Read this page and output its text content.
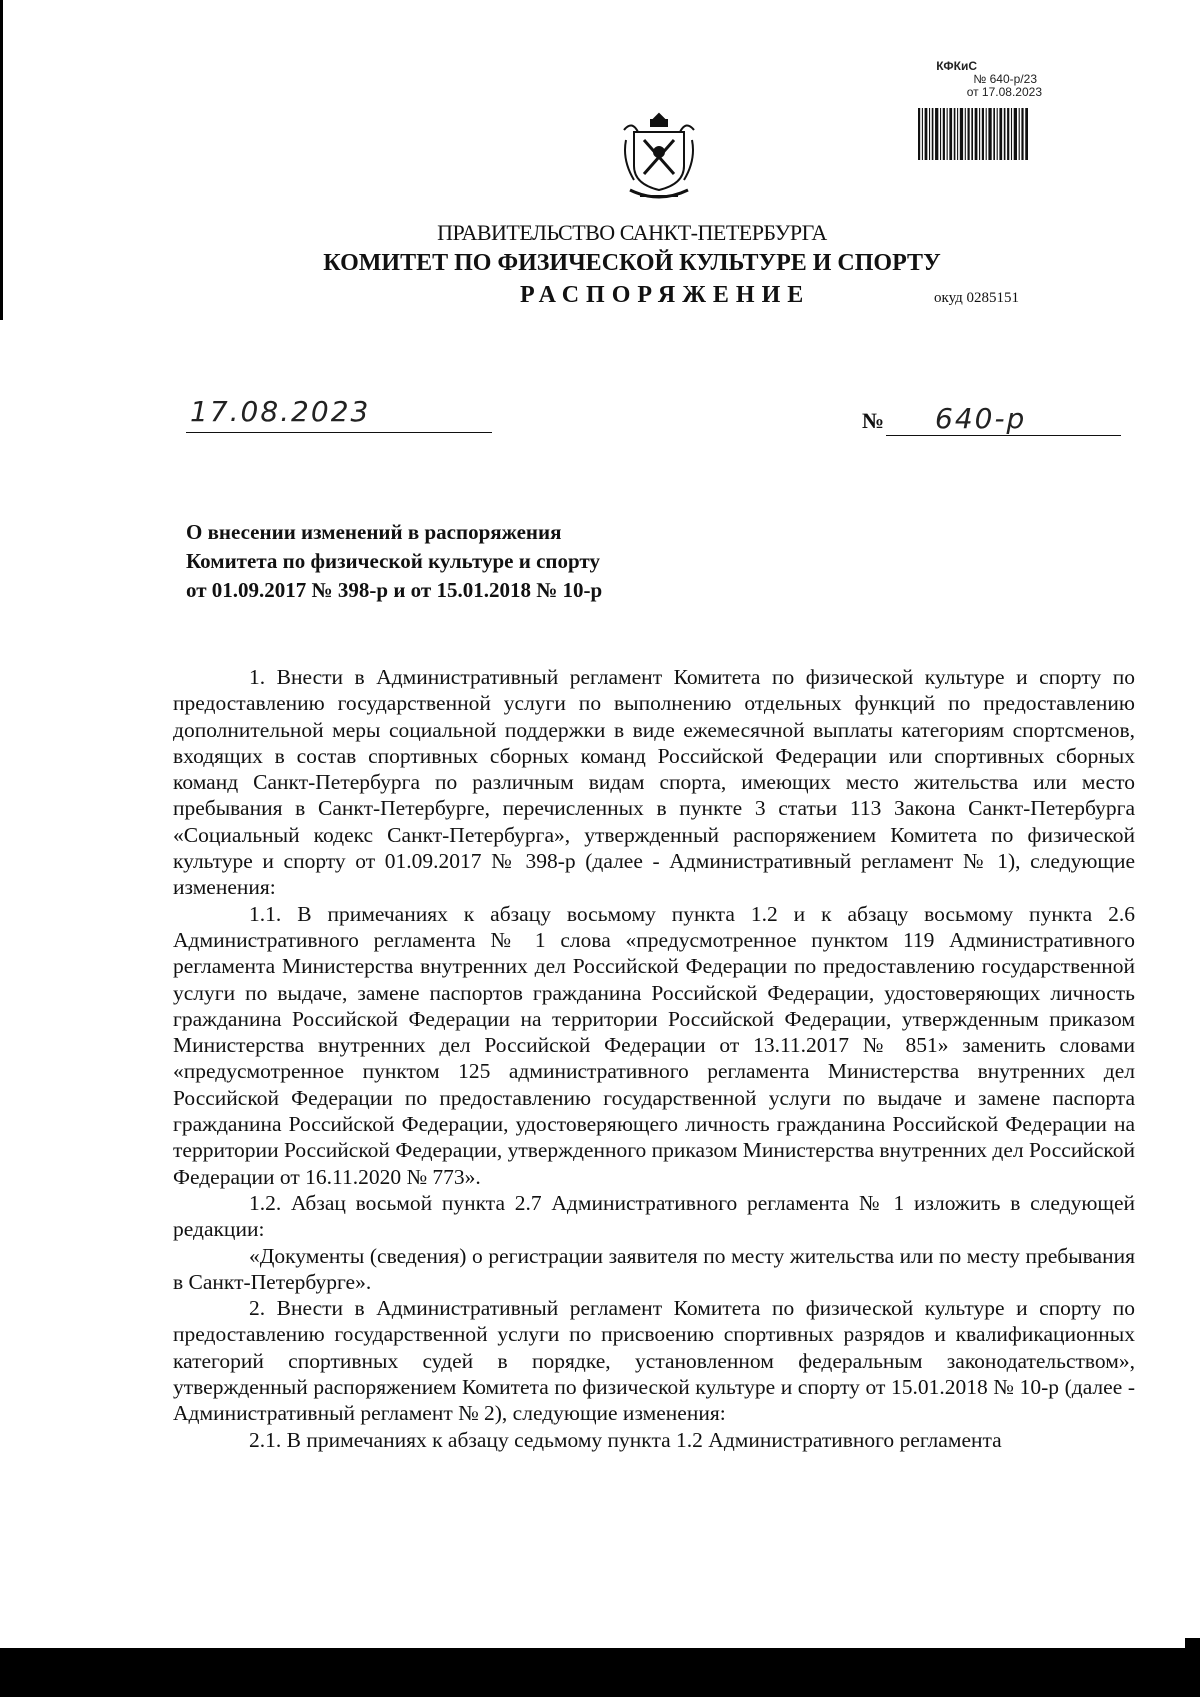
КФКиС
№ 640-р/23
от 17.08.2023
ПРАВИТЕЛЬСТВО САНКТ-ПЕТЕРБУРГА
КОМИТЕТ ПО ФИЗИЧЕСКОЙ КУЛЬТУРЕ И СПОРТУ
РАСПОРЯЖЕНИЕ	окуд 0285151
17.08.2023	№ 640-р
О внесении изменений в распоряжения
Комитета по физической культуре и спорту
от 01.09.2017 № 398-р и от 15.01.2018 № 10-р

1. Внести в Административный регламент Комитета по физической культуре и спорту по предоставлению государственной услуги по выполнению отдельных функций по предоставлению дополнительной меры социальной поддержки в виде ежемесячной выплаты категориям спортсменов, входящих в состав спортивных сборных команд Российской Федерации или спортивных сборных команд Санкт-Петербурга по различным видам спорта, имеющих место жительства или место пребывания в Санкт-Петербурге, перечисленных в пункте 3 статьи 113 Закона Санкт-Петербурга «Социальный кодекс Санкт-Петербурга», утвержденный распоряжением Комитета по физической культуре и спорту от 01.09.2017 № 398-р (далее - Административный регламент № 1), следующие изменения:

1.1. В примечаниях к абзацу восьмому пункта 1.2 и к абзацу восьмому пункта 2.6 Административного регламента № 1 слова «предусмотренное пунктом 119 Административного регламента Министерства внутренних дел Российской Федерации по предоставлению государственной услуги по выдаче, замене паспортов гражданина Российской Федерации, удостоверяющих личность гражданина Российской Федерации на территории Российской Федерации, утвержденным приказом Министерства внутренних дел Российской Федерации от 13.11.2017 № 851» заменить словами «предусмотренное пунктом 125 административного регламента Министерства внутренних дел Российской Федерации по предоставлению государственной услуги по выдаче и замене паспорта гражданина Российской Федерации, удостоверяющего личность гражданина Российской Федерации на территории Российской Федерации, утвержденного приказом Министерства внутренних дел Российской Федерации от 16.11.2020 № 773».

1.2. Абзац восьмой пункта 2.7 Административного регламента № 1 изложить в следующей редакции:

«Документы (сведения) о регистрации заявителя по месту жительства или по месту пребывания в Санкт-Петербурге».

2. Внести в Административный регламент Комитета по физической культуре и спорту по предоставлению государственной услуги по присвоению спортивных разрядов и квалификационных категорий спортивных судей в порядке, установленном федеральным законодательством», утвержденный распоряжением Комитета по физической культуре и спорту от 15.01.2018 № 10-р (далее - Административный регламент № 2), следующие изменения:

2.1. В примечаниях к абзацу седьмому пункта 1.2 Административного регламента
